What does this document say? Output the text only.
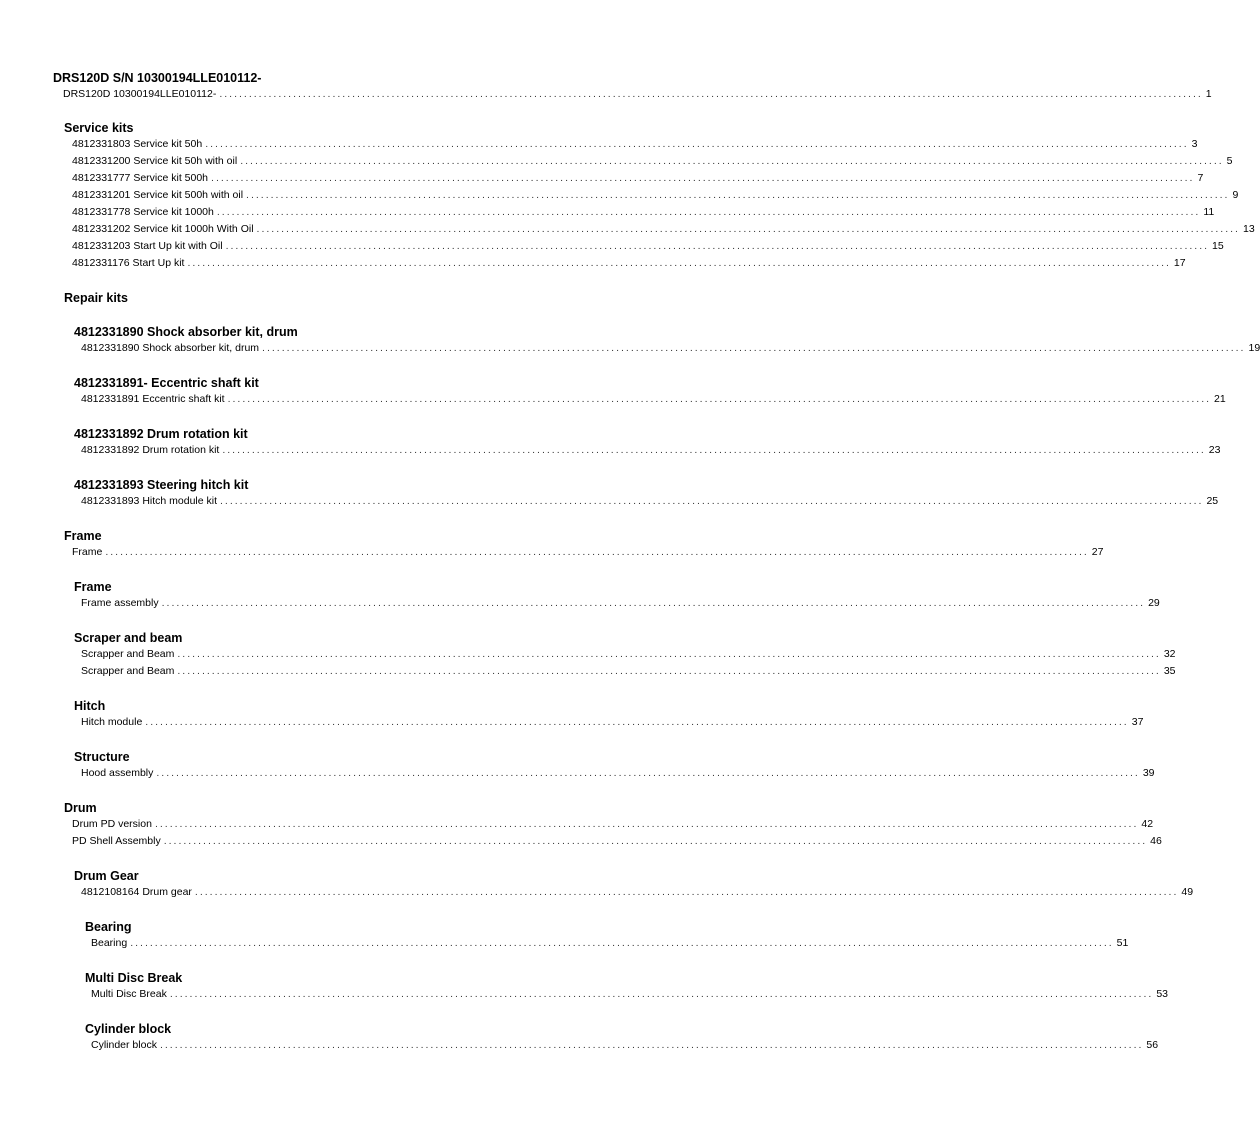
DRS120D S/N 10300194LLE010112-
DRS120D 10300194LLE010112- ........................................................................................................................................................................................................ 1
Service kits
4812331803 Service kit 50h ........................................................................................................................................................................................................ 3
4812331200 Service kit 50h with oil ........................................................................................................................................................................................................ 5
4812331777 Service kit 500h ........................................................................................................................................................................................................ 7
4812331201 Service kit 500h with oil ........................................................................................................................................................................................................ 9
4812331778 Service kit 1000h ........................................................................................................................................................................................................ 11
4812331202 Service kit 1000h With Oil ........................................................................................................................................................................................................ 13
4812331203 Start Up kit with Oil ........................................................................................................................................................................................................ 15
4812331176 Start Up kit ........................................................................................................................................................................................................ 17
Repair kits
4812331890 Shock absorber kit, drum
4812331890 Shock absorber kit, drum ........................................................................................................................................................................................................ 19
4812331891- Eccentric shaft kit
4812331891 Eccentric shaft kit ........................................................................................................................................................................................................ 21
4812331892 Drum rotation kit
4812331892 Drum rotation kit ........................................................................................................................................................................................................ 23
4812331893 Steering hitch kit
4812331893 Hitch module kit ........................................................................................................................................................................................................ 25
Frame
Frame ........................................................................................................................................................................................................ 27
Frame
Frame assembly ........................................................................................................................................................................................................ 29
Scraper and beam
Scrapper and Beam ........................................................................................................................................................................................................ 32
Scrapper and Beam ........................................................................................................................................................................................................ 35
Hitch
Hitch module ........................................................................................................................................................................................................ 37
Structure
Hood assembly ........................................................................................................................................................................................................ 39
Drum
Drum PD version ........................................................................................................................................................................................................ 42
PD Shell Assembly ........................................................................................................................................................................................................ 46
Drum Gear
4812108164 Drum gear ........................................................................................................................................................................................................ 49
Bearing
Bearing ........................................................................................................................................................................................................ 51
Multi Disc Break
Multi Disc Break ........................................................................................................................................................................................................ 53
Cylinder block
Cylinder block ........................................................................................................................................................................................................ 56
